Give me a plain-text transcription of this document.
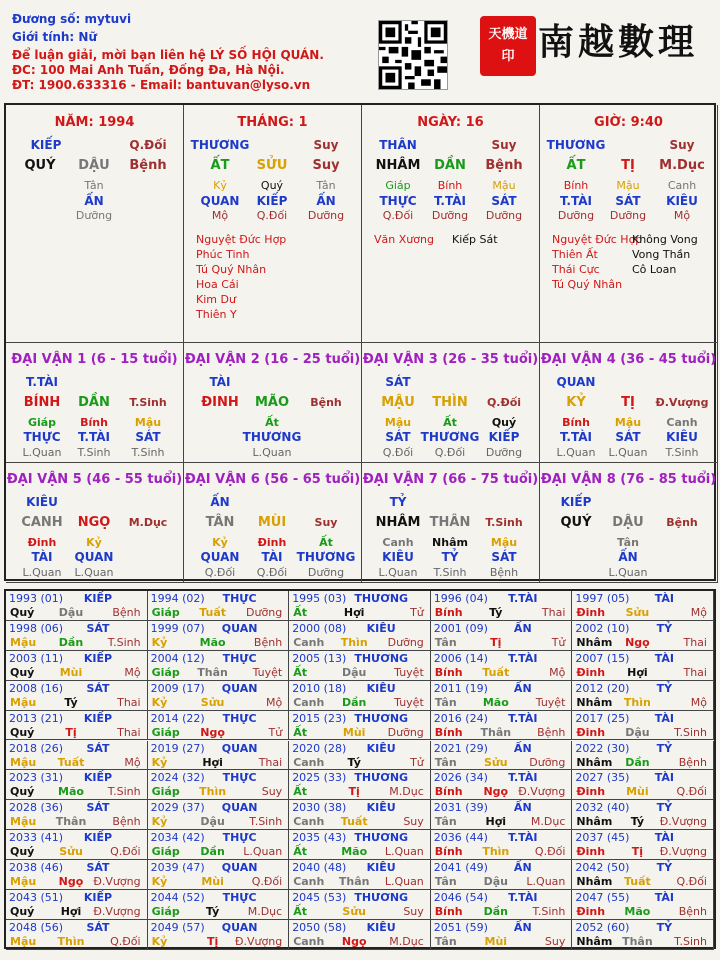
Đương số: mytuvi
Giới tính: Nữ
Để luận giải, mời bạn liên hệ LÝ SỐ HỘI QUÁN.
ĐC: 100 Mai Anh Tuấn, Đống Đa, Hà Nội.
ĐT: 1900.633316 - Email: bantuvan@lyso.vn
天機道印 南越數理
NĂM: 1994
KIẾP	Q.Đối
QUÝ DẬU Bệnh
Tân
ẤN
Dưỡng
THÁNG: 1
THƯƠNG	Suy
ẤT SỬU Suy
Kỷ	Quý	Tân
QUAN KIẾP ẤN
Mộ	Q.Đối Dưỡng
Nguyệt Đức Hợp
Phúc Tinh
Tú Quý Nhân
Hoa Cái
Kim Dư
Thiên Y
NGÀY: 16
THÂN	Suy
NHÂM DẦN Bệnh
Giáp Bính	Mậu
THỰC T.TÀI SÁT
Q.Đối Dưỡng Dưỡng
Văn Xương Kiếp Sát
GIỜ: 9:40
THƯƠNG	Suy
ẤT	TỊ M.Dục
Bính	Mậu	Canh
T.TÀI SÁT KIÊU
Dưỡng Dưỡng	Mộ
Nguyệt Đức Hợp
Không Vong
Thiên Ất	Vong Thần
Thái Cực	Cô Loan
Tú Quý Nhân
ĐẠI VẬN 1 (6 - 15 tuổi)
T.TÀI
BÍNH DẦN T.Sinh
Giáp Bính Mậu
THỰC T.TÀI SÁT
L.Quan T.Sinh T.Sinh
ĐẠI VẬN 2 (16 - 25 tuổi)
TÀI
ĐINH MÃO Bệnh
Ất
THƯƠNG
L.Quan
ĐẠI VẬN 3 (26 - 35 tuổi)
SÁT
MẬU THÌN Q.Đối
Mậu	Ất	Quý
SÁT THƯƠNG KIẾP
Q.Đối Q.Đối Dưỡng
ĐẠI VẬN 4 (36 - 45 tuổi)
QUAN
KỶ	TỊ Đ.Vượng
Bính Mậu Canh
T.TÀI SÁT KIÊU
L.Quan L.Quan T.Sinh
ĐẠI VẬN 5 (46 - 55 tuổi)
KIÊU
CANH NGỌ M.Dục
Đinh	Kỷ
TÀI QUAN
L.Quan L.Quan
ĐẠI VẬN 6 (56 - 65 tuổi)
ẤN
TÂN MÙI	Suy
Kỷ	Đinh	Ất
QUAN TÀI THƯƠNG
Q.Đối Q.Đối Dưỡng
ĐẠI VẬN 7 (66 - 75 tuổi)
TỶ
NHÂM THÂN T.Sinh
Canh Nhâm Mậu
KIÊU TỶ	SÁT
L.Quan T.Sinh Bệnh
ĐẠI VẬN 8 (76 - 85 tuổi)
KIẾP
QUÝ DẬU Bệnh
Tân
ẤN
L.Quan
1993 (01) KIẾP
Quý Dậu	Bệnh
1994 (02) THỰC
Giáp Tuất Dưỡng
1995 (03) THƯƠNG
Ất	Hợi	Tử
1996 (04) T.TÀI
Bính Tý	Thai
1997 (05) TÀI
Đinh Sửu	Mộ
1998 (06) SÁT
Mậu Dần T.Sinh
1999 (07) QUAN
Kỷ	Mão	Bệnh
2000 (08) KIÊU
Canh Thìn Dưỡng
2001 (09) ẤN
Tân	Tị	Tử
2002 (10) TỶ
Nhâm Ngọ	Thai
2003 (11) KIẾP
Quý Mùi	Mộ
2004 (12) THỰC
Giáp Thân Tuyệt
2005 (13) THƯƠNG
Ất	Dậu	Tuyệt
2006 (14) T.TÀI
Bính Tuất	Mộ
2007 (15) TÀI
Đinh Hợi	Thai
2008 (16) SÁT
Mậu	Tý	Thai
2009 (17) QUAN
Kỷ	Sửu	Mộ
2010 (18) KIÊU
Canh Dần	Tuyệt
2011 (19) ẤN
Tân Mão Tuyệt
2012 (20) TỶ
Nhâm Thìn	Mộ
2013 (21) KIẾP
Quý	Tị	Thai
2014 (22) THỰC
Giáp Ngọ	Tử
2015 (23) THƯƠNG
Ất	Mùi Dưỡng
2016 (24) T.TÀI
Bính Thân Bệnh
2017 (25) TÀI
Đinh Dậu T.Sinh
2018 (26) SÁT
Mậu Tuất	Mộ
2019 (27) QUAN
Kỷ	Hợi	Thai
2020 (28) KIÊU
Canh Tý	Tử
2021 (29) ẤN
Tân Sửu Dưỡng
2022 (30) TỶ
Nhâm Dần	Bệnh
2023 (31) KIẾP
Quý Mão T.Sinh
2024 (32) THỰC
Giáp Thìn	Suy
2025 (33) THƯƠNG
Ất	Tị	M.Dục
2026 (34) T.TÀI
Bính Ngọ Đ.Vượng
2027 (35) TÀI
Đinh Mùi	Q.Đối
2028 (36) SÁT
Mậu Thân Bệnh
2029 (37) QUAN
Kỷ	Dậu T.Sinh
2030 (38) KIÊU
Canh Tuất	Suy
2031 (39) ẤN
Tân	Hợi M.Dục
2032 (40) TỶ
Nhâm Tý Đ.Vượng
2033 (41) KIẾP
Quý Sửu Q.Đối
2034 (42) THỰC
Giáp Dần L.Quan
2035 (43) THƯƠNG
Ất	Mão L.Quan
2036 (44) T.TÀI
Bính Thìn Q.Đối
2037 (45) TÀI
Đinh Tị Đ.Vượng
2038 (46) SÁT
Mậu Ngọ Đ.Vượng
2039 (47) QUAN
Kỷ	Mùi	Q.Đối
2040 (48) KIÊU
Canh Thân L.Quan
2041 (49) ẤN
Tân Dậu L.Quan
2042 (50) TỶ
Nhâm Tuất Q.Đối
2043 (51) KIẾP
Quý Hợi Đ.Vượng
2044 (52) THỰC
Giáp Tý	M.Dục
2045 (53) THƯƠNG
Ất	Sửu	Suy
2046 (54) T.TÀI
Bính Dần T.Sinh
2047 (55) TÀI
Đinh Mão	Bệnh
2048 (56) SÁT
Mậu Thìn Q.Đối
2049 (57) QUAN
Kỷ	Tị Đ.Vượng
2050 (58) KIÊU
Canh Ngọ M.Dục
2051 (59) ẤN
Tân	Mùi	Suy
2052 (60) TỶ
Nhâm Thân T.Sinh
